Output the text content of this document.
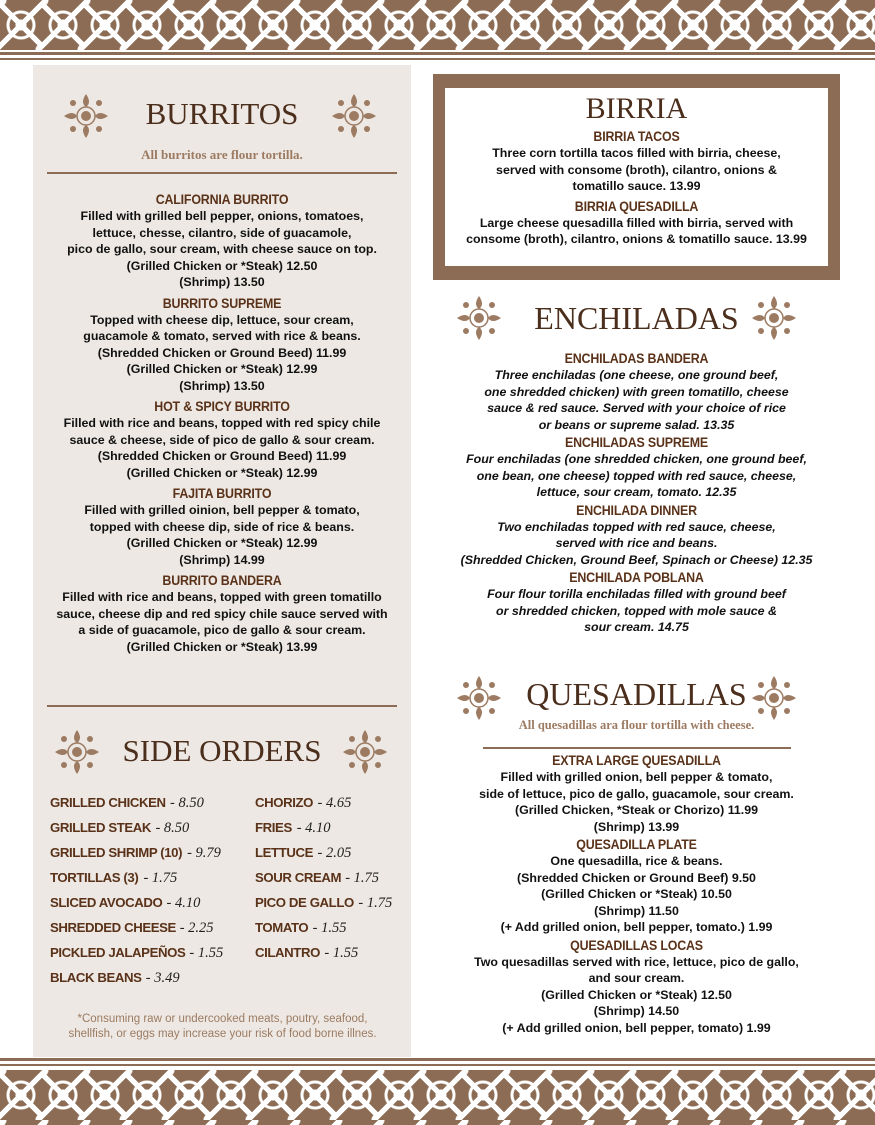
BURRITOS
All burritos are flour tortilla.
CALIFORNIA BURRITO
Filled with grilled bell pepper, onions, tomatoes,
lettuce, chesse, cilantro, side of guacamole,
pico de gallo, sour cream, with cheese sauce on top.
(Grilled Chicken or *Steak) 12.50
(Shrimp) 13.50
BURRITO SUPREME
Topped with cheese dip, lettuce, sour cream,
guacamole & tomato, served with rice & beans.
(Shredded Chicken or Ground Beed) 11.99
(Grilled Chicken or *Steak) 12.99
(Shrimp) 13.50
HOT & SPICY BURRITO
Filled with rice and beans, topped with red spicy chile
sauce & cheese, side of pico de gallo & sour cream.
(Shredded Chicken or Ground Beed) 11.99
(Grilled Chicken or *Steak) 12.99
FAJITA BURRITO
Filled with grilled oinion, bell pepper & tomato,
topped with cheese dip, side of rice & beans.
(Grilled Chicken or *Steak) 12.99
(Shrimp) 14.99
BURRITO BANDERA
Filled with rice and beans, topped with green tomatillo
sauce, cheese dip and red spicy chile sauce served with
a side of guacamole, pico de gallo & sour cream.
(Grilled Chicken or *Steak) 13.99
SIDE ORDERS
GRILLED CHICKEN - 8.50
GRILLED STEAK - 8.50
GRILLED SHRIMP (10) - 9.79
TORTILLAS (3) - 1.75
SLICED AVOCADO - 4.10
SHREDDED CHEESE - 2.25
PICKLED JALAPEÑOS - 1.55
BLACK BEANS - 3.49
CHORIZO - 4.65
FRIES - 4.10
LETTUCE - 2.05
SOUR CREAM - 1.75
PICO DE GALLO - 1.75
TOMATO - 1.55
CILANTRO - 1.55
*Consuming raw or undercooked meats, poutry, seafood,
shellfish, or eggs may increase your risk of food borne illnes.
BIRRIA
BIRRIA TACOS
Three corn tortilla tacos filled with birria, cheese,
served with consome (broth), cilantro, onions &
tomatillo sauce. 13.99
BIRRIA QUESADILLA
Large cheese quesadilla filled with birria, served with
consome (broth), cilantro, onions & tomatillo sauce. 13.99
ENCHILADAS
ENCHILADAS BANDERA
Three enchiladas (one cheese, one ground beef,
one shredded chicken) with green tomatillo, cheese
sauce & red sauce. Served with your choice of rice
or beans or supreme salad. 13.35
ENCHILADAS SUPREME
Four enchiladas (one shredded chicken, one ground beef,
one bean, one cheese) topped with red sauce, cheese,
lettuce, sour cream, tomato. 12.35
ENCHILADA DINNER
Two enchiladas topped with red sauce, cheese,
served with rice and beans.
(Shredded Chicken, Ground Beef, Spinach or Cheese) 12.35
ENCHILADA POBLANA
Four flour torilla enchiladas filled with ground beef
or shredded chicken, topped with mole sauce &
sour cream. 14.75
QUESADILLAS
All quesadillas ara flour tortilla with cheese.
EXTRA LARGE QUESADILLA
Filled with grilled onion, bell pepper & tomato,
side of lettuce, pico de gallo, guacamole, sour cream.
(Grilled Chicken, *Steak or Chorizo) 11.99
(Shrimp) 13.99
QUESADILLA PLATE
One quesadilla, rice & beans.
(Shredded Chicken or Ground Beef) 9.50
(Grilled Chicken or *Steak) 10.50
(Shrimp) 11.50
(+ Add grilled onion, bell pepper, tomato.) 1.99
QUESADILLAS LOCAS
Two quesadillas served with rice, lettuce, pico de gallo,
and sour cream.
(Grilled Chicken or *Steak) 12.50
(Shrimp) 14.50
(+ Add grilled onion, bell pepper, tomato) 1.99
